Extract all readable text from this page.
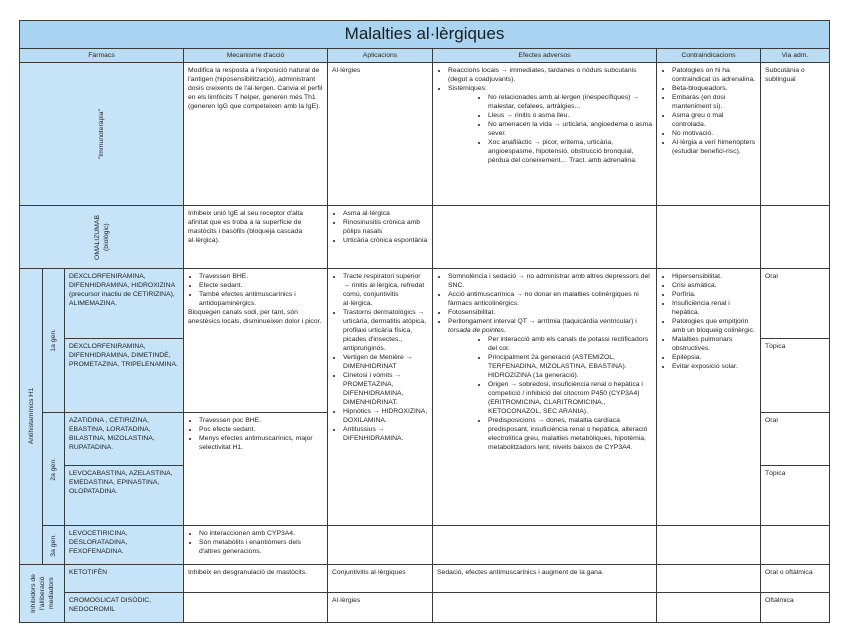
Malalties al·lèrgiques
Fàrmacs	Mecanisme d'acció	Aplicacions	Efectes adversos	Contraindicacions	Via adm.
"Immunoteràpia"
Modifica la resposta a l'exposició natural de l'antigen (hiposensibilització), administrant dosis creixents de l'al·lergen. Canvia el perfil en els limfòcits T helper, generen més Th1 (generen IgG que competeixen amb la IgE).
Al·lèrgies
•	Reaccions locals → immediates, tardanes o nòduls subcutanis (degut a coadjuvants).
• Sistèmiques:
• No relacionades amb al·lergen (inespecífiques) → malestar, cefalees, artràlgies...
• Lleus → rinitis o asma lleu.
• No amenacen la vida → urticària, angioedema o asma sever.
• Xoc anafilàctic → picor, eritema, urticària, angioespasme, hipotensió, obstrucció bronquial, pèrdua del coneixement… Tract. amb adrenalina.
• Patologies on hi ha contraindicat ús adrenalina.
• Beta-bloqueadors.
• Embaràs (en dosi manteniment si).
• Asma greu o mal controlada.
• No motivació.
• Al·lèrgia a verí himenòpters (estudiar benefici-risc).
Subcutània o sublingual
OMALIZUMAB (biològic)
Inhibeix unió IgE al seu receptor d'alta afinitat que es troba a la superfície de mastòcits i basòfils (bloqueja cascada al·lèrgica).
• Asma al·lèrgica
• Rinosinusitis crònica amb pòlips nasals
• Urticària crònica espontània
Antihistamínics H1
1a gen.
2a gen.
3a gen.
DEXCLORFENIRAMINA, DIFENHIDRAMINA, HIDROXIZINA (precursor inactiu de CETIRIZINA), ALIMEMAZINA.
DEXCLORFENIRAMINA, DIFENHIDRAMINA, DIMETINDÈ, PROMETAZINA, TRIPELENAMINA.
AZATIDINA , CETIRIZINA, EBASTINA, LORATADINA, BILASTINA, MIZOLASTINA, RUPATADINA.
LEVOCABASTINA, AZELASTINA, EMEDASTINA, EPINASTINA, OLOPATADINA.
LEVOCETIRICINA, DESLORATADINA, FEXOFENADINA.
• Travessen BHE.
• Efecte sedant.
• També efectes antimuscarínics i antidopaminèrgics.

Bloquegen canals sodi, per tant, són anestèsics locals, disminueixen dolor i picor.

• Travessen poc BHE.
• Poc efecte sedant.
• Menys efectes antimuscarínics, major selectivitat H1.
• No interaccionen amb CYP3A4.
• Són metabòlits i enantiòmers dels d'altres generacions.
• Tracte respiratori superior → rinitis al·lèrgica, refredat comú, conjuntivitis al·lèrgica.
• Trastorns dermatològics → urticària, dermatitis atòpica, profilaxi urticària física, picades d'insectes., antipruriginós.
• Vertigen de Menière → DIMENHIDRINAT
• Cinetosi i vòmits → PROMETAZINA, DIFENHIDRAMINA, DIMENHIDRINAT.
• Hipnòtics → HIDROXIZINA, DOXILAMINA.
• Antitussius → DIFENHIDRAMINA.
• Somnolència i sedació → no administrar amb altres depressors del SNC.
• Acció antimuscarínica → no donar en malalties colinèrgiques ni fàrmacs anticolinèrgics.
• Fotosensibilitat.
• Perllongament interval QT → arrítmia (taquicàrdia ventricular) i torsada de pointes.
• Per interacció amb els canals de potassi rectificadors del cor.
• Principalment 2a generació (ASTEMIZOL, TERFENADINA, MIZOLASTINA, EBASTINA). HIDROZIZINA (1a generació).
• Origen → sobredosi, insuficiència renal o hepàtica i competició / inhibició del citocrom P450 (CYP3A4) (ERITROMICINA, CLARITROMICINA., KETOCONAZOL, SEC ARANIA).
• Predisposicions → dones, malaltia cardíaca predisposant, insuficiència renal o hepàtica, alteració electrolítica greu, malalties metabòliques, hipotèmia, metabolitzadors lent, nivells baixos de CYP3A4.
• Hipersensibilitat.
• Crisi asmàtica.
• Porfíria.
• Insuficiència renal i hepàtica.
• Patologies que empitjorin amb un bloqueig colinèrgic.
• Malalties pulmonars obstructives.
• Epilèpsia.
• Evitar exposició solar.
Oral
Tòpica
Oral
Tòpica
Inhibidors de l'alliberació mediadors
KETOTIFÈN	Inhibeix en desgranulació de mastòcits.	Conjuntivitis al·lèrgiques	Sedació, efectes antimuscarínics i augment de la gana.	Oral o oftàlmica
CROMOGLICAT DISÒDIC, NEDOCROMIL
Al·lèrgies	Oftàlmica
